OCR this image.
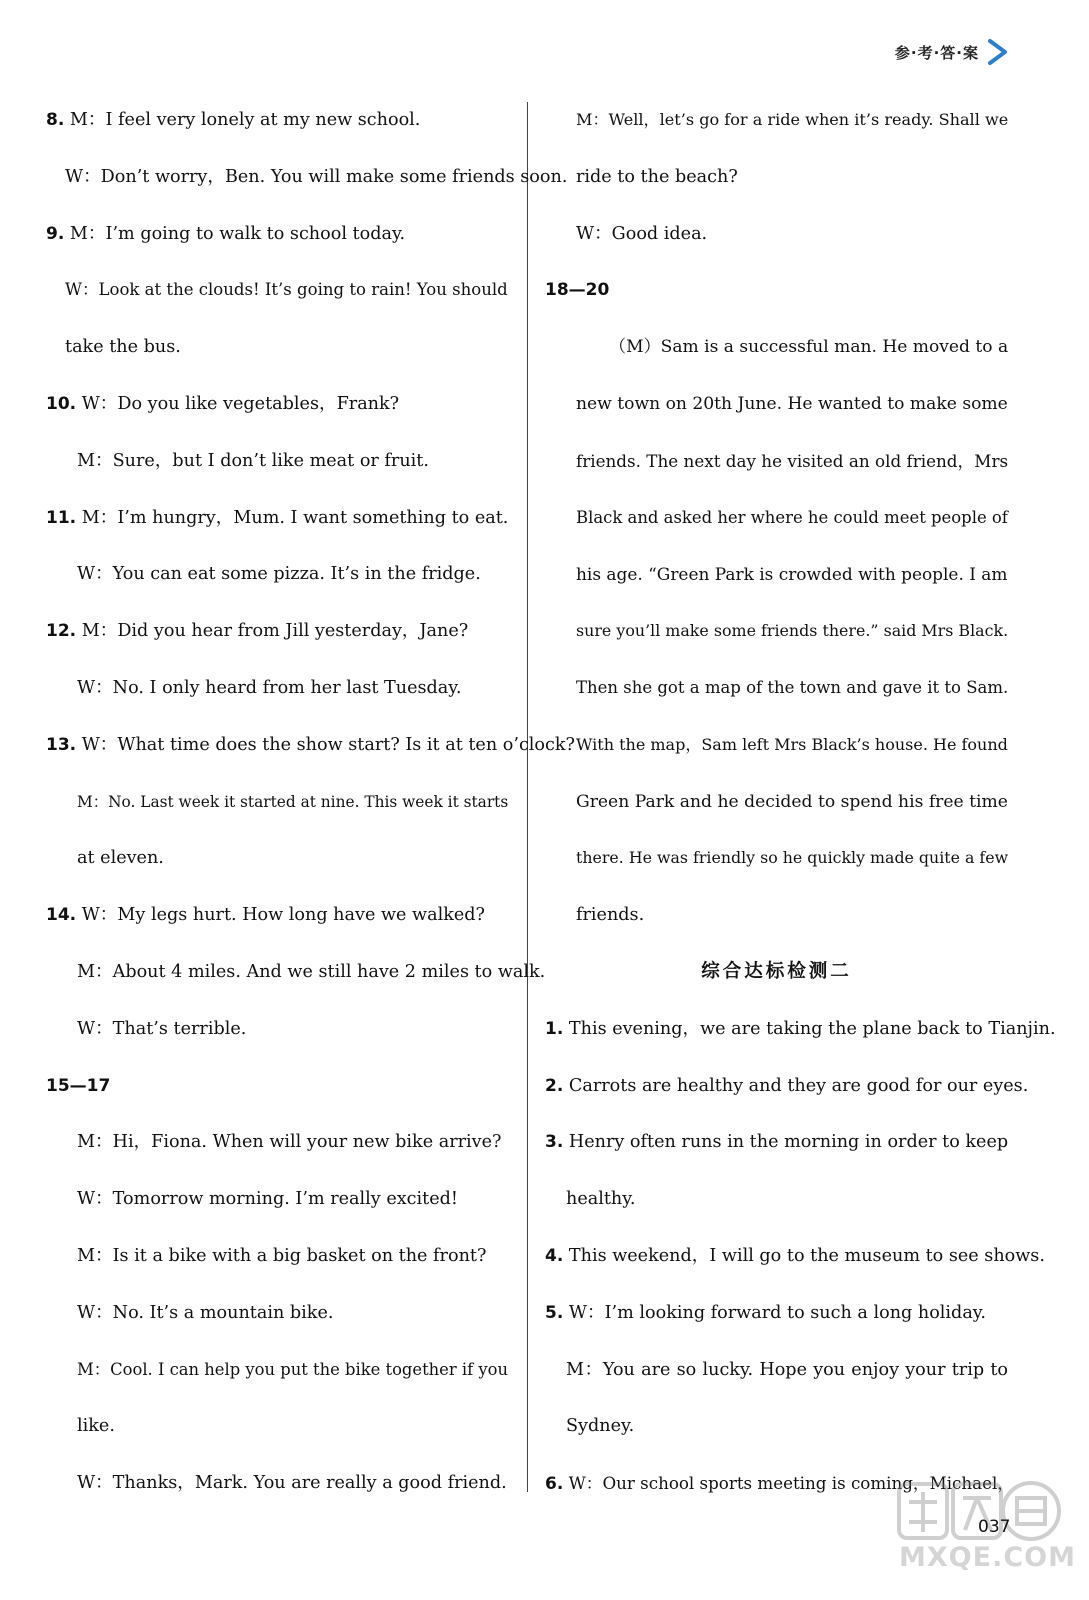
参·考·答·案
8. M：I feel very lonely at my new school.
W：Don’t worry，Ben. You will make some friends soon.
9. M：I’m going to walk to school today.
W：Look at the clouds! It’s going to rain! You should
take the bus.
10. W：Do you like vegetables，Frank?
M：Sure，but I don’t like meat or fruit.
11. M：I’m hungry，Mum. I want something to eat.
W：You can eat some pizza. It’s in the fridge.
12. M：Did you hear from Jill yesterday，Jane?
W：No. I only heard from her last Tuesday.
13. W：What time does the show start? Is it at ten o’clock?
M：No. Last week it started at nine. This week it starts
at eleven.
14. W：My legs hurt. How long have we walked?
M：About 4 miles. And we still have 2 miles to walk.
W：That’s terrible.
15—17
M：Hi，Fiona. When will your new bike arrive?
W：Tomorrow morning. I’m really excited!
M：Is it a bike with a big basket on the front?
W：No. It’s a mountain bike.
M：Cool. I can help you put the bike together if you
like.
W：Thanks，Mark. You are really a good friend.
M：Well，let’s go for a ride when it’s ready. Shall we
ride to the beach?
W：Good idea.
18—20
（M）Sam is a successful man. He moved to a
new town on 20th June. He wanted to make some
friends. The next day he visited an old friend，Mrs
Black and asked her where he could meet people of
his age. “Green Park is crowded with people. I am
sure you’ll make some friends there.” said Mrs Black.
Then she got a map of the town and gave it to Sam.
With the map，Sam left Mrs Black’s house. He found
Green Park and he decided to spend his free time
there. He was friendly so he quickly made quite a few
friends.
综合达标检测二
1. This evening，we are taking the plane back to Tianjin.
2. Carrots are healthy and they are good for our eyes.
3. Henry often runs in the morning in order to keep
healthy.
4. This weekend，I will go to the museum to see shows.
5. W：I’m looking forward to such a long holiday.
M：You are so lucky. Hope you enjoy your trip to
Sydney.
6. W：Our school sports meeting is coming，Michael，
MXQE.COM
037
